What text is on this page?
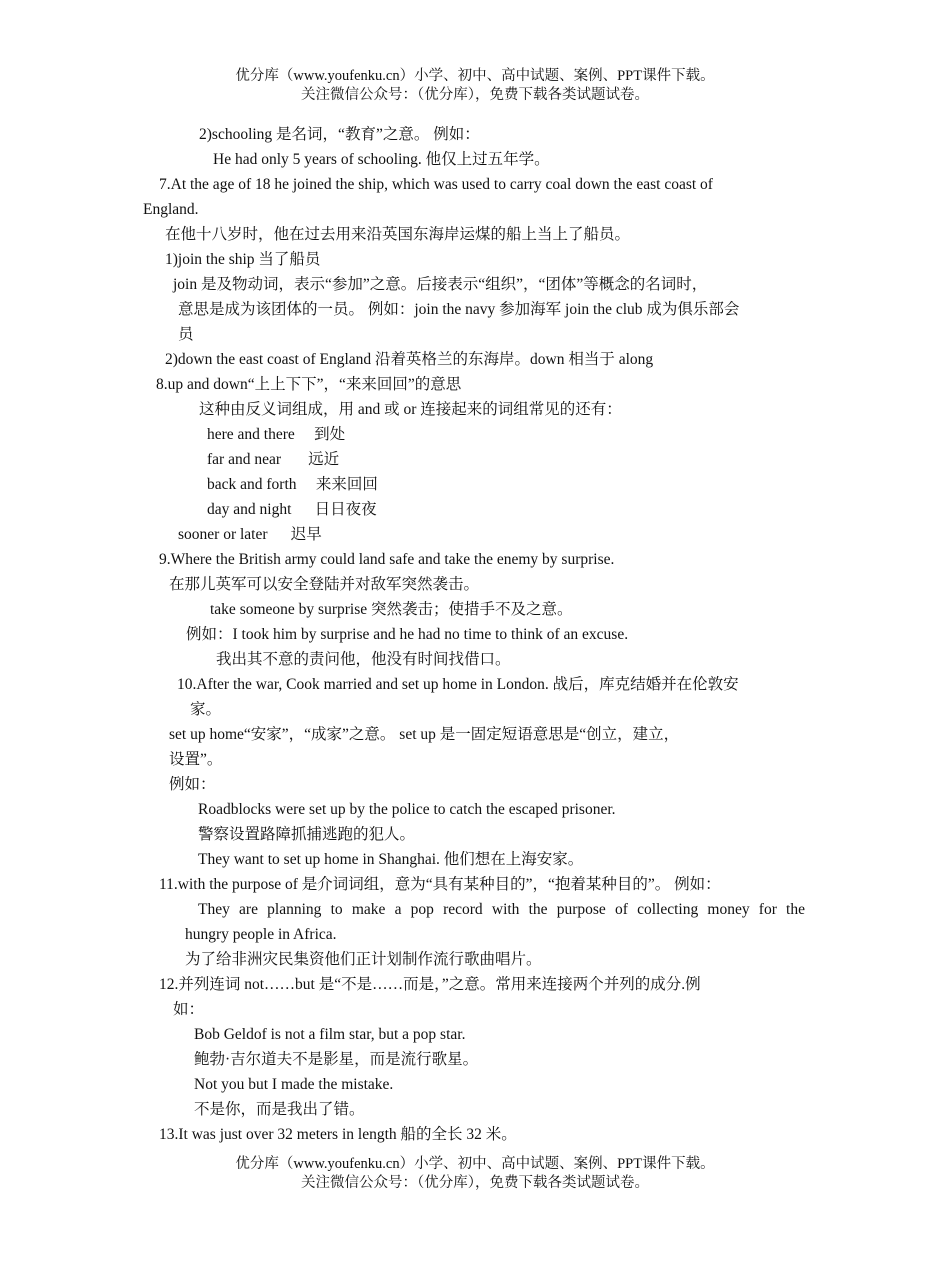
优分库（www.youfenku.cn）小学、初中、高中试题、案例、PPT课件下载。
关注微信公众号：（优分库），免费下载各类试题试卷。
2)schooling 是名词，“教育”之意。 例如：
He had only 5 years of schooling. 他仅上过五年学。
7.At the age of 18 he joined the ship, which was used to carry coal down the east coast of
England.
在他十八岁时，他在过去用来沿英国东海岸运煤的船上当上了船员。
1)join the ship 当了船员
join 是及物动词，表示“参加”之意。后接表示“组织”，“团体”等概念的名词时，
意思是成为该团体的一员。 例如：join the navy 参加海军 join the club 成为俱乐部会
员
2)down the east coast of England 沿着英格兰的东海岸。down 相当于 along
8.up and down“上上下下”，“来来回回”的意思
这种由反义词组成，用 and 或 or 连接起来的词组常见的还有：
here and there     到处
far and near       远近
back and forth     来来回回
day and night      日日夜夜
sooner or later      迟早
9.Where the British army could land safe and take the enemy by surprise.
在那儿英军可以安全登陆并对敌军突然袭击。
take someone by surprise 突然袭击；使措手不及之意。
例如：I took him by surprise and he had no time to think of an excuse.
我出其不意的责问他，他没有时间找借口。
10.After the war, Cook married and set up home in London. 战后，库克结婚并在伦敦安
家。
set up home“安家”，“成家”之意。 set up 是一固定短语意思是“创立，建立，
设置”。
例如：
Roadblocks were set up by the police to catch the escaped prisoner.
警察设置路障抓捕逃跑的犯人。
They want to set up home in Shanghai. 他们想在上海安家。
11.with the purpose of 是介词词组，意为“具有某种目的”，“抱着某种目的”。 例如：
They are planning to make a pop record with the purpose of collecting money for the
hungry people in Africa.
为了给非洲灾民集资他们正计划制作流行歌曲唱片。
12.并列连词 not……but 是“不是……而是，”之意。常用来连接两个并列的成分.例
如：
Bob Geldof is not a film star, but a pop star.
鲍勃·吉尔道夫不是影星，而是流行歌星。
Not you but I made the mistake.
不是你，而是我出了错。
13.It was just over 32 meters in length 船的全长 32 米。
优分库（www.youfenku.cn）小学、初中、高中试题、案例、PPT课件下载。
关注微信公众号：（优分库），免费下载各类试题试卷。
